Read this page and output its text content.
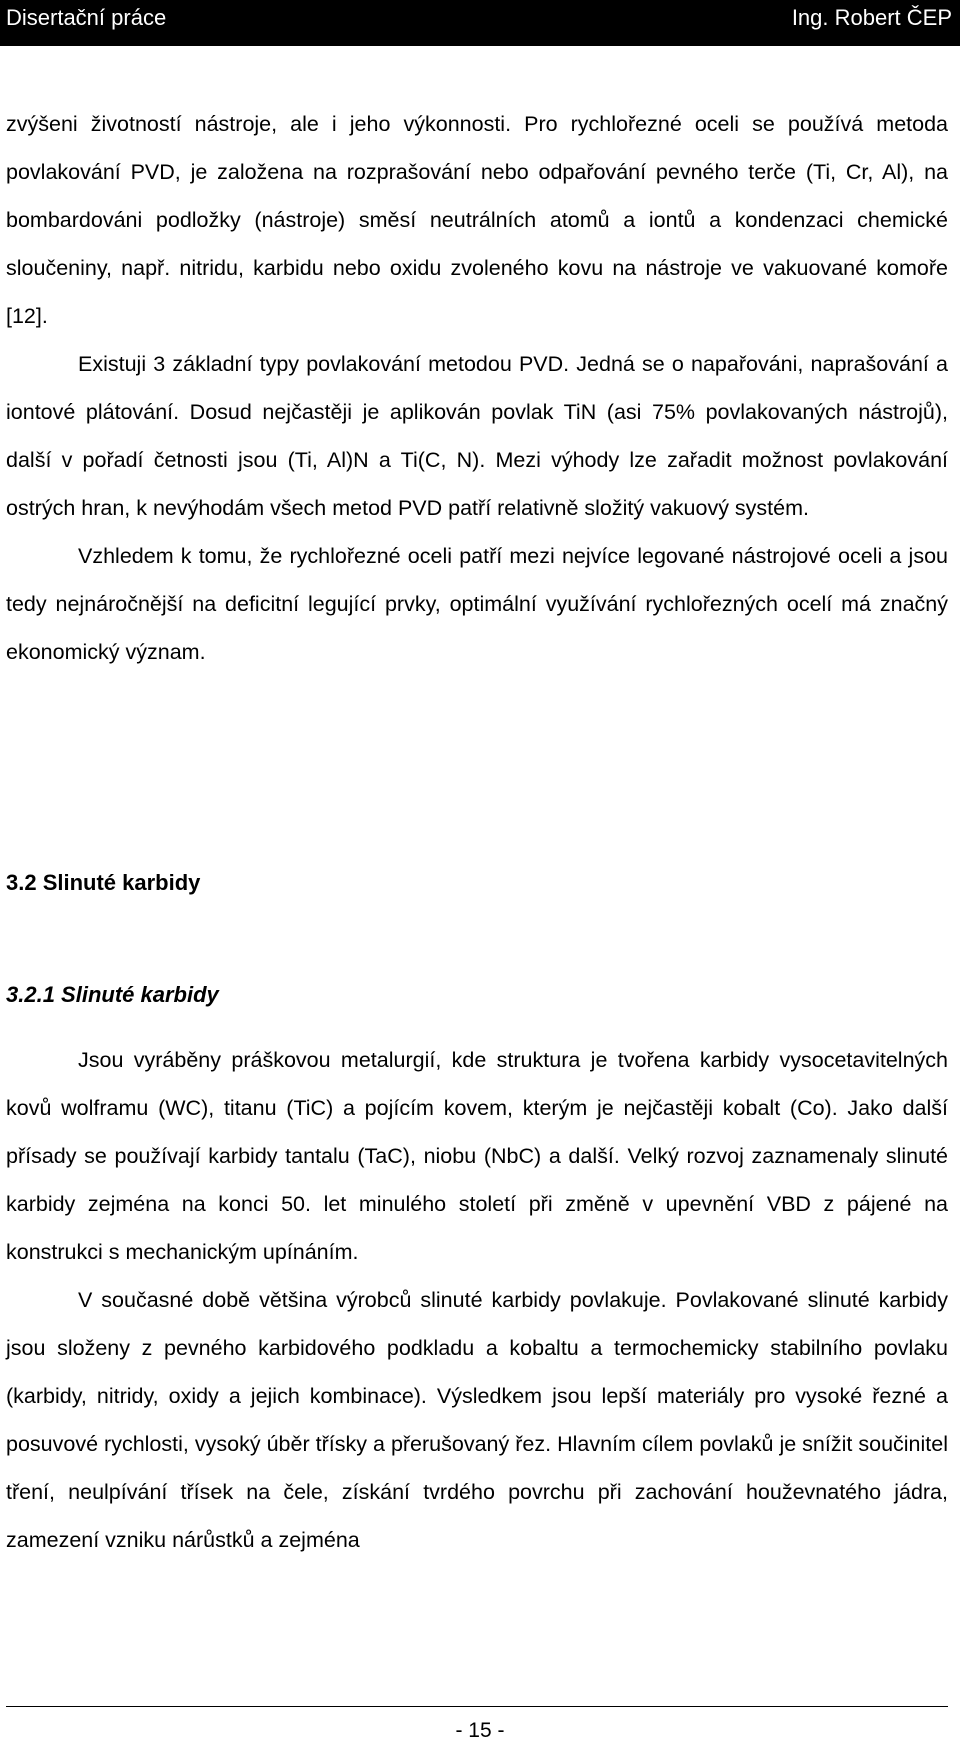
Disertační práce	Ing. Robert ČEP

zvýšeni životností nástroje, ale i jeho výkonnosti. Pro rychlořezné oceli se používá metoda povlakování PVD, je založena na rozprašování nebo odpařování pevného terče (Ti, Cr, Al), na bombardováni podložky (nástroje) směsí neutrálních atomů a iontů a kondenzaci chemické sloučeniny, např. nitridu, karbidu nebo oxidu zvoleného kovu na nástroje ve vakuované komoře [12].

Existuji 3 základní typy povlakování metodou PVD. Jedná se o napařováni, naprašování a iontové plátování. Dosud nejčastěji je aplikován povlak TiN (asi 75% povlakovaných nástrojů), další v pořadí četnosti jsou (Ti, Al)N a Ti(C, N). Mezi výhody lze zařadit možnost povlakování ostrých hran, k nevýhodám všech metod PVD patří relativně složitý vakuový systém.

Vzhledem k tomu, že rychlořezné oceli patří mezi nejvíce legované nástrojové oceli a jsou tedy nejnáročnější na deficitní legující prvky, optimální využívání rychlořezných ocelí má značný ekonomický význam.

3.2 Slinuté karbidy
3.2.1 Slinuté karbidy

Jsou vyráběny práškovou metalurgií, kde struktura je tvořena karbidy vysocetavitelných kovů wolframu (WC), titanu (TiC) a pojícím kovem, kterým je nejčastěji kobalt (Co). Jako další přísady se používají karbidy tantalu (TaC), niobu (NbC) a další. Velký rozvoj zaznamenaly slinuté karbidy zejména na konci 50. let minulého století při změně v upevnění VBD z pájené na konstrukci s mechanickým upínáním.

V současné době většina výrobců slinuté karbidy povlakuje. Povlakované slinuté karbidy jsou složeny z pevného karbidového podkladu a kobaltu a termochemicky stabilního povlaku (karbidy, nitridy, oxidy a jejich kombinace). Výsledkem jsou lepší materiály pro vysoké řezné a posuvové rychlosti, vysoký úběr třísky a přerušovaný řez. Hlavním cílem povlaků je snížit součinitel tření, neulpívání třísek na čele, získání tvrdého povrchu při zachování houževnatého jádra, zamezení vzniku nárůstků a zejména

- 15 -
